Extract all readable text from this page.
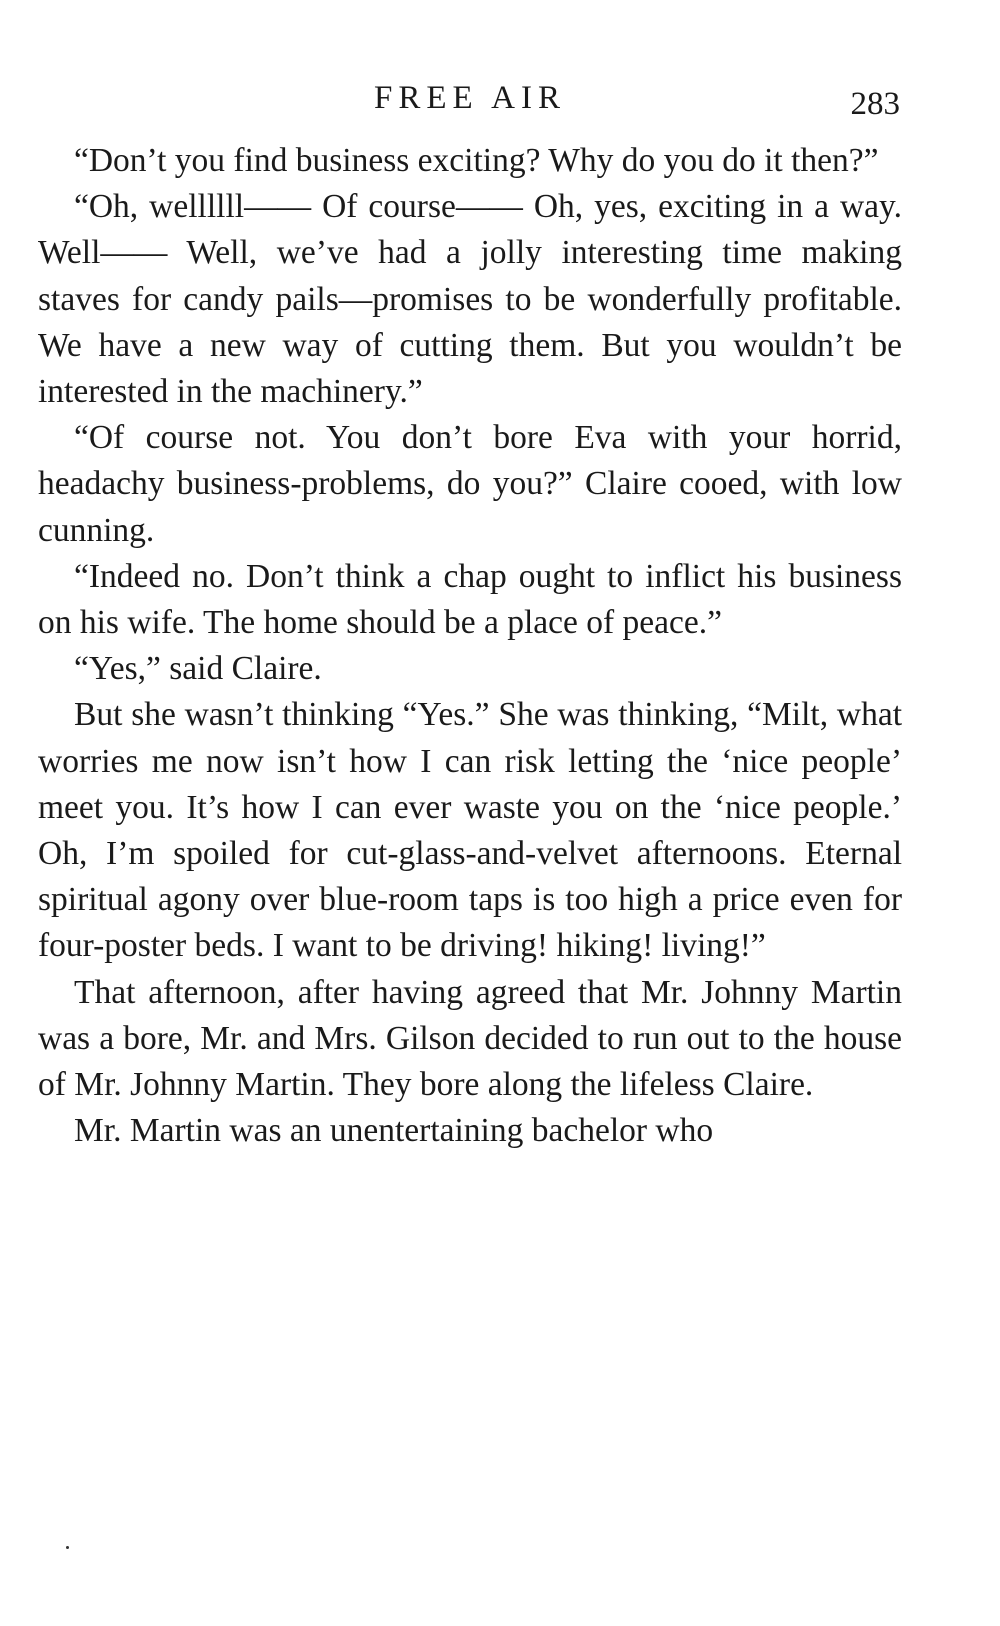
FREE AIR	283

“Don’t you find business exciting? Why do you do it then?”

“Oh, wellllll—— Of course—— Oh, yes, exciting in a way. Well—— Well, we’ve had a jolly interesting time making staves for candy pails—promises to be wonderfully profitable. We have a new way of cutting them. But you wouldn’t be interested in the machinery.”

“Of course not. You don’t bore Eva with your horrid, headachy business-problems, do you?” Claire cooed, with low cunning.

“Indeed no. Don’t think a chap ought to inflict his business on his wife. The home should be a place of peace.”

“Yes,” said Claire.

But she wasn’t thinking “Yes.” She was thinking, “Milt, what worries me now isn’t how I can risk letting the ‘nice people’ meet you. It’s how I can ever waste you on the ‘nice people.’ Oh, I’m spoiled for cut-glass-and-velvet afternoons. Eternal spiritual agony over blue-room taps is too high a price even for four-poster beds. I want to be driving! hiking! living!”

That afternoon, after having agreed that Mr. Johnny Martin was a bore, Mr. and Mrs. Gilson decided to run out to the house of Mr. Johnny Martin. They bore along the lifeless Claire.

Mr. Martin was an unentertaining bachelor who
